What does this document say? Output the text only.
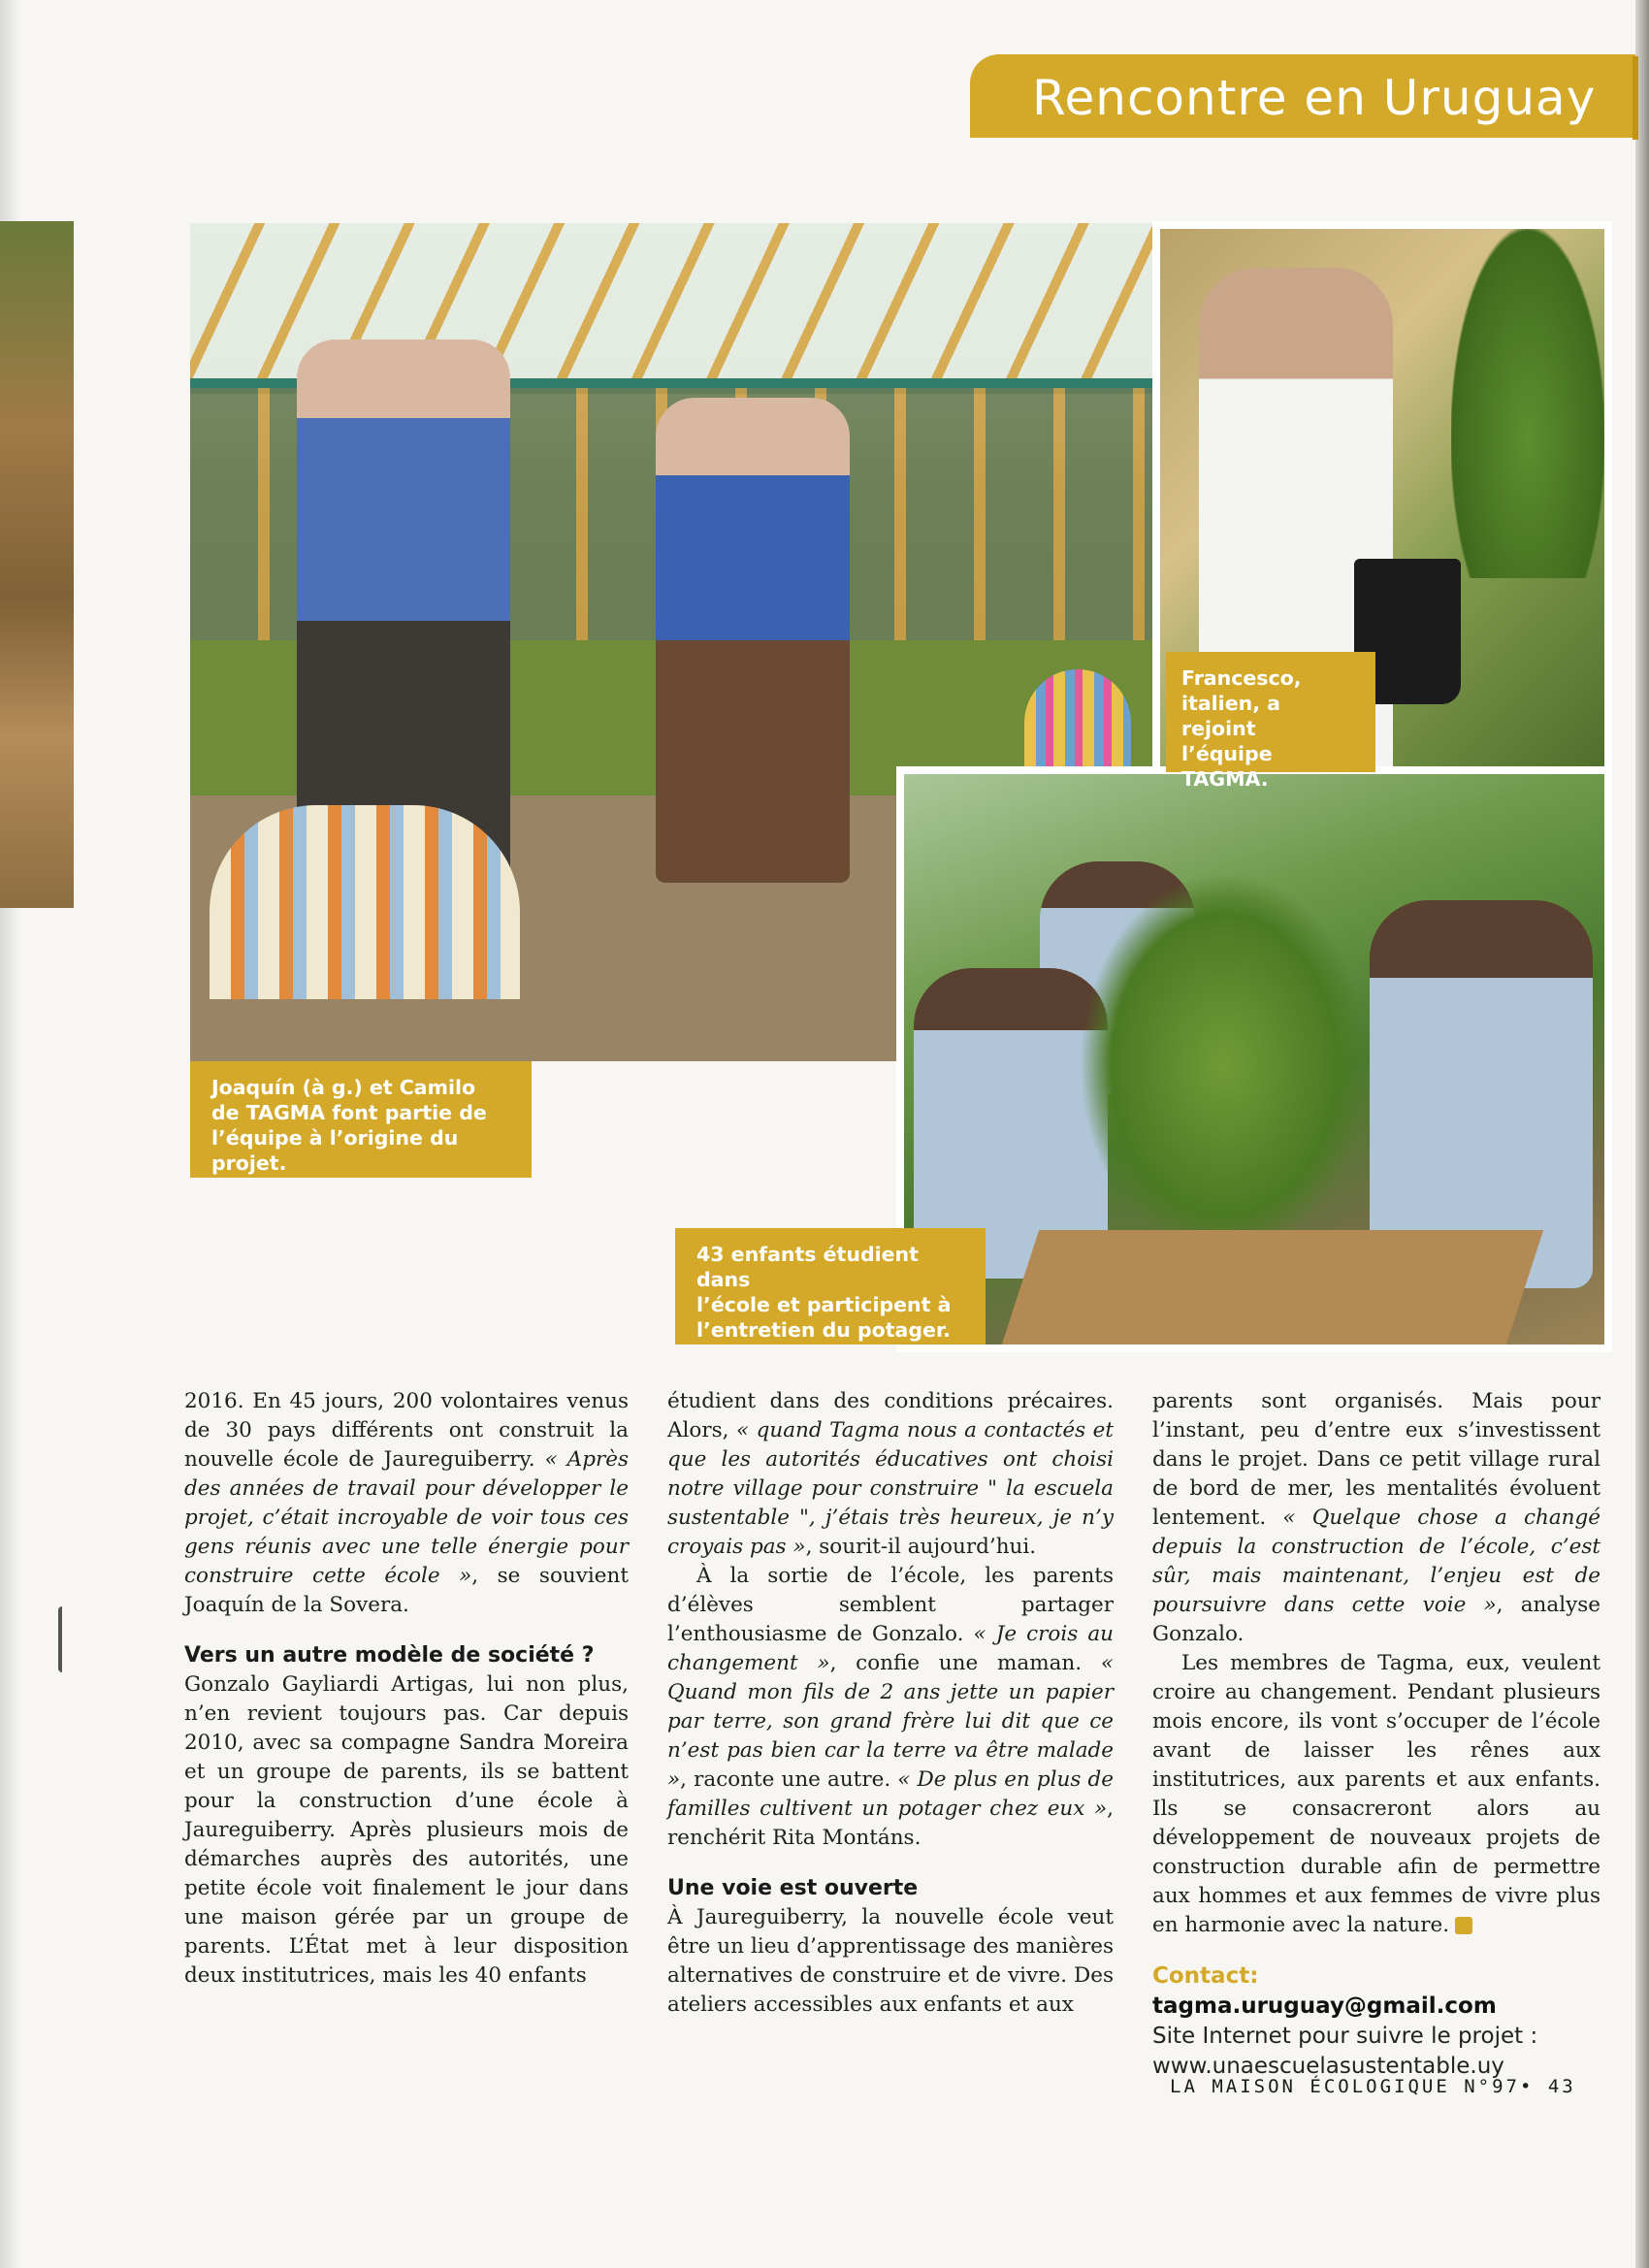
Rencontre en Uruguay

Francesco,

italien, a rejoint

l’équipe TAGMA.

Joaquín (à g.) et Camilo

de TAGMA font partie de

l’équipe à l’origine du projet.

43 enfants étudient dans

l’école et participent à

l’entretien du potager.

2016. En 45 jours, 200 volontaires venus de 30 pays différents ont construit la nouvelle école de Jaureguiberry. « Après des années de travail pour développer le projet, c’était incroyable de voir tous ces gens réunis avec une telle énergie pour construire cette école », se souvient Joaquín de la Sovera.

Vers un autre modèle de société ?

Gonzalo Gayliardi Artigas, lui non plus, n’en revient toujours pas. Car depuis 2010, avec sa compagne Sandra Moreira et un groupe de parents, ils se battent pour la construction d’une école à Jaureguiberry. Après plusieurs mois de démarches auprès des autorités, une petite école voit finalement le jour dans une maison gérée par un groupe de parents. L’État met à leur disposition deux institutrices, mais les 40 enfants

étudient dans des conditions précaires. Alors, « quand Tagma nous a contactés et que les autorités éducatives ont choisi notre village pour construire " la escuela sustentable ", j’étais très heureux, je n’y croyais pas », sourit-il aujourd’hui.

À la sortie de l’école, les parents d’élèves semblent partager l’enthousiasme de Gonzalo. « Je crois au changement », confie une maman. « Quand mon fils de 2 ans jette un papier par terre, son grand frère lui dit que ce n’est pas bien car la terre va être malade », raconte une autre. « De plus en plus de familles cultivent un potager chez eux », renchérit Rita Montáns.

Une voie est ouverte

À Jaureguiberry, la nouvelle école veut être un lieu d’apprentissage des manières alternatives de construire et de vivre. Des ateliers accessibles aux enfants et aux

parents sont organisés. Mais pour l’instant, peu d’entre eux s’investissent dans le projet. Dans ce petit village rural de bord de mer, les mentalités évoluent lentement. « Quelque chose a changé depuis la construction de l’école, c’est sûr, mais maintenant, l’enjeu est de poursuivre dans cette voie », analyse Gonzalo.

Les membres de Tagma, eux, veulent croire au changement. Pendant plusieurs mois encore, ils vont s’occuper de l’école avant de laisser les rênes aux institutrices, aux parents et aux enfants. Ils se consacreront alors au développement de nouveaux projets de construction durable afin de permettre aux hommes et aux femmes de vivre plus en harmonie avec la nature.

Contact: tagma.uruguay@gmail.com
Site Internet pour suivre le projet :
www.unaescuelasustentable.uy
LA MAISON ÉCOLOGIQUE N°97• 43
